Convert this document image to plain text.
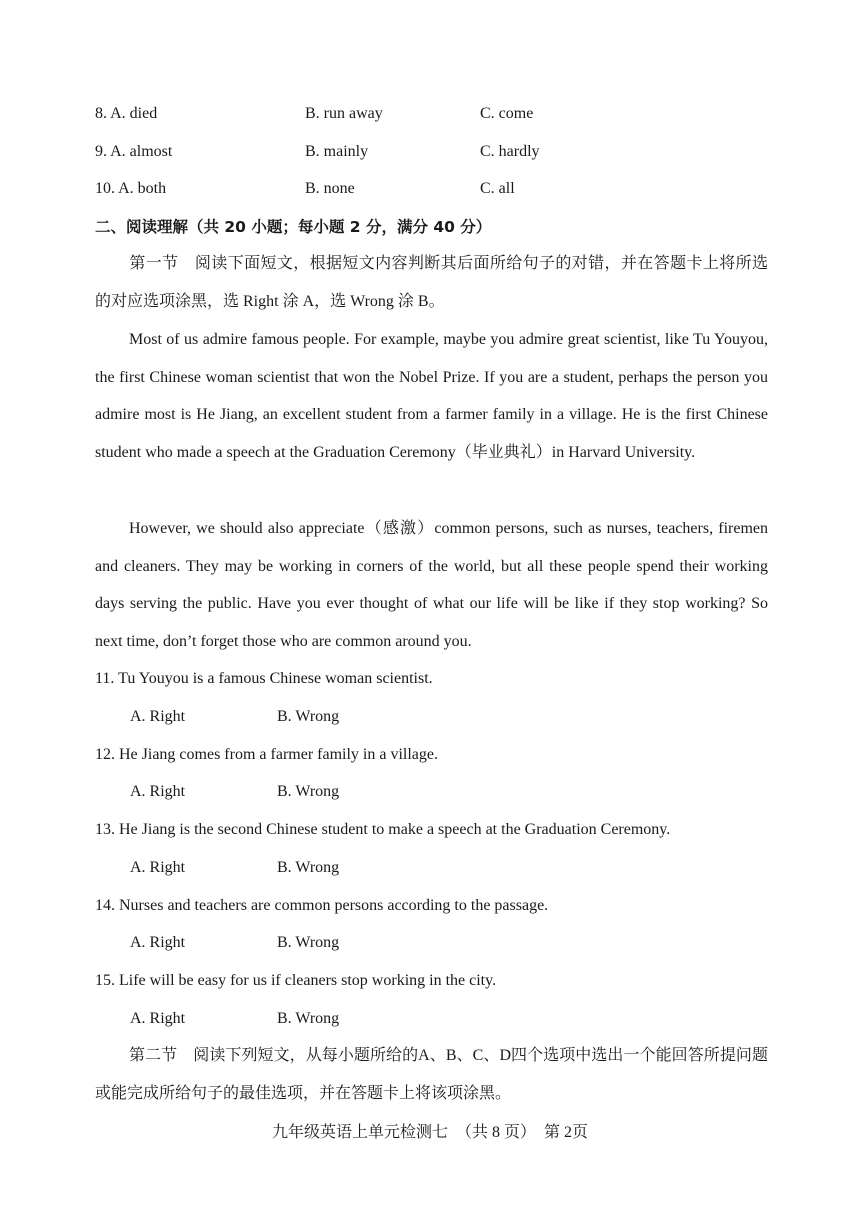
8. A. died	B. run away	C. come
9. A. almost	B. mainly	C. hardly
10. A. both	B. none	C. all
二、阅读理解（共 20 小题；每小题 2 分，满分 40 分）
第一节　阅读下面短文，根据短文内容判断其后面所给句子的对错，并在答题卡上将所选的对应选项涂黑，选 Right 涂 A，选 Wrong 涂 B。
Most of us admire famous people. For example, maybe you admire great scientist, like Tu Youyou, the first Chinese woman scientist that won the Nobel Prize. If you are a student, perhaps the person you admire most is He Jiang, an excellent student from a farmer family in a village. He is the first Chinese student who made a speech at the Graduation Ceremony（毕业典礼）in Harvard University.
However, we should also appreciate（感激）common persons, such as nurses, teachers, firemen and cleaners. They may be working in corners of the world, but all these people spend their working days serving the public. Have you ever thought of what our life will be like if they stop working? So next time, don’t forget those who are common around you.
11. Tu Youyou is a famous Chinese woman scientist.
A. Right	B. Wrong
12. He Jiang comes from a farmer family in a village.
A. Right	B. Wrong
13. He Jiang is the second Chinese student to make a speech at the Graduation Ceremony.
A. Right	B. Wrong
14. Nurses and teachers are common persons according to the passage.
A. Right	B. Wrong
15. Life will be easy for us if cleaners stop working in the city.
A. Right	B. Wrong
第二节　阅读下列短文，从每小题所给的A、B、C、D四个选项中选出一个能回答所提问题或能完成所给句子的最佳选项，并在答题卡上将该项涂黑。
九年级英语上单元检测七　（共 8 页）　第 2页
